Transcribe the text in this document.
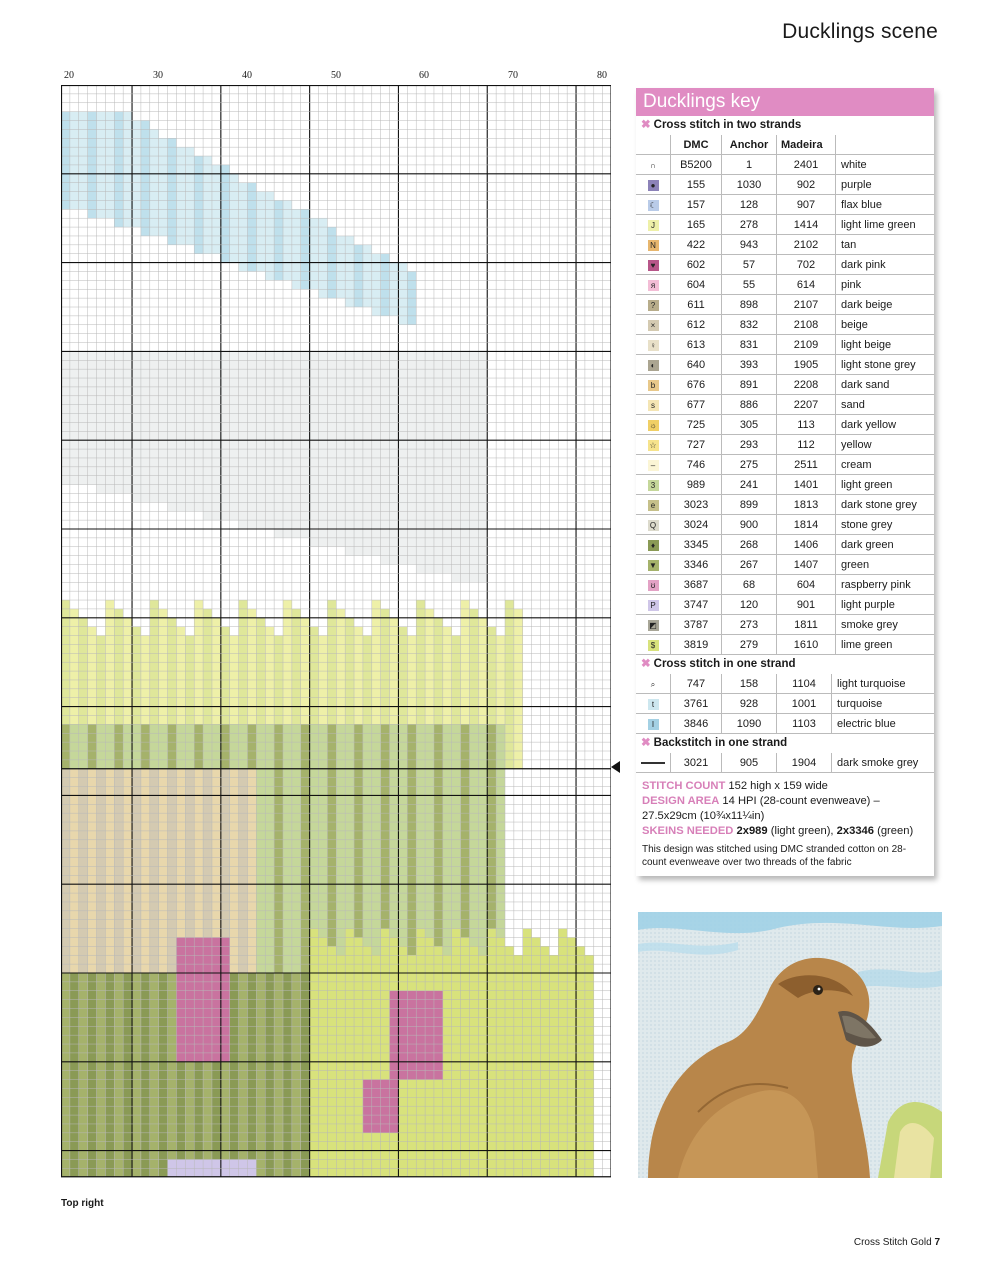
Ducklings scene
20	30	40	50	60	70	80
Top right
Ducklings key
✖ Cross stitch in two strands
	DMC	Anchor	Madeira	
∩	B5200	1	2401	white
●	155	1030	902	purple
☾	157	128	907	flax blue
J	165	278	1414	light lime green
N	422	943	2102	tan
♥	602	57	702	dark pink
я	604	55	614	pink
?	611	898	2107	dark beige
×	612	832	2108	beige
♀	613	831	2109	light beige
◐	640	393	1905	light stone grey
b	676	891	2208	dark sand
s	677	886	2207	sand
☼	725	305	113	dark yellow
☆	727	293	112	yellow
–	746	275	2511	cream
3	989	241	1401	light green
e	3023	899	1813	dark stone grey
Q	3024	900	1814	stone grey
♦	3345	268	1406	dark green
▼	3346	267	1407	green
ʊ	3687	68	604	raspberry pink
P	3747	120	901	light purple
◩	3787	273	1811	smoke grey
$	3819	279	1610	lime green
✖ Cross stitch in one strand
⌕	747	158	1104	light turquoise
t	3761	928	1001	turquoise
I	3846	1090	1103	electric blue
✖ Backstitch in one strand
	3021	905	1904	dark smoke grey
STITCH COUNT 152 high x 159 wide
DESIGN AREA 14 HPI (28-count evenweave) – 27.5x29cm (10¾x11¼in)
SKEINS NEEDED 2x989 (light green), 2x3346 (green)
This design was stitched using DMC stranded cotton on 28-count evenweave over two threads of the fabric
Cross Stitch Gold 7
